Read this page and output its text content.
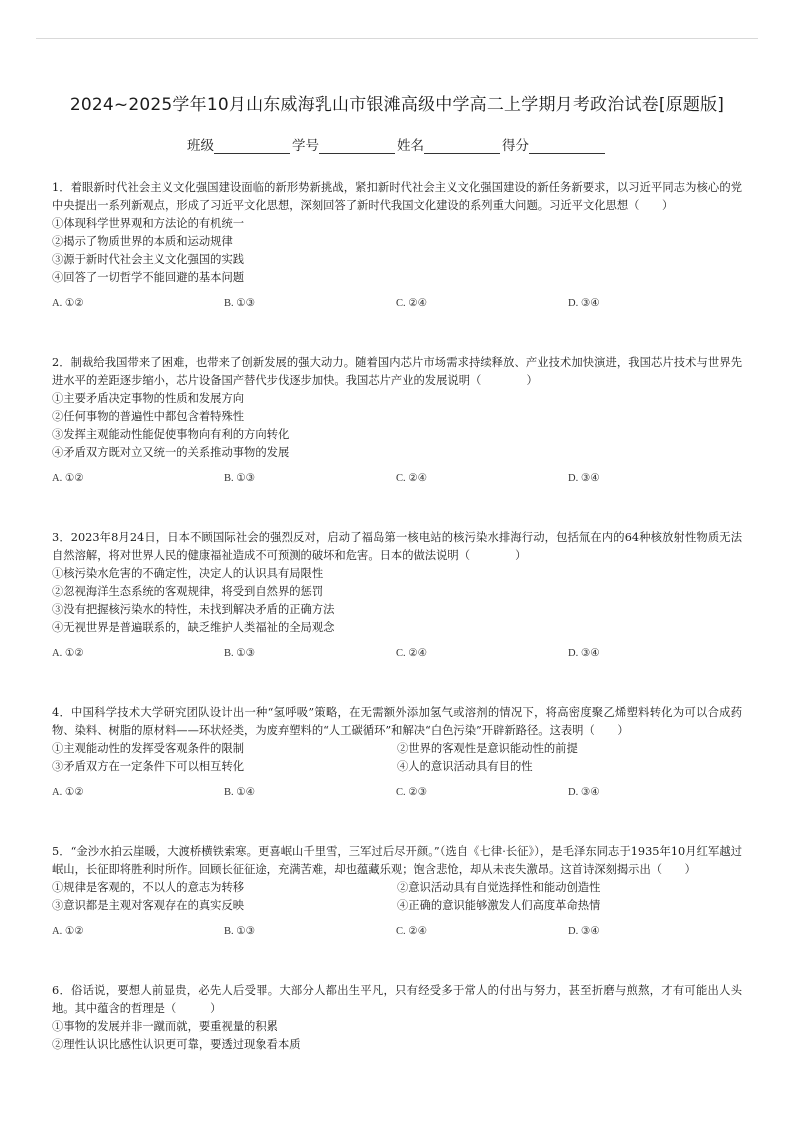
2024~2025学年10月山东威海乳山市银滩高级中学高二上学期月考政治试卷[原题版]
班级	学号	姓名	得分
1．着眼新时代社会主义文化强国建设面临的新形势新挑战，紧扣新时代社会主义文化强国建设的新任务新要求，以习近平同志为核心的党中央提出一系列新观点，形成了习近平文化思想，深刻回答了新时代我国文化建设的系列重大问题。习近平文化思想（　　）
①体现科学世界观和方法论的有机统一
②揭示了物质世界的本质和运动规律
③源于新时代社会主义文化强国的实践
④回答了一切哲学不能回避的基本问题
A. ①②	B. ①③	C. ②④	D. ③④
2．制裁给我国带来了困难，也带来了创新发展的强大动力。随着国内芯片市场需求持续释放、产业技术加快演进，我国芯片技术与世界先进水平的差距逐步缩小，芯片设备国产替代步伐逐步加快。我国芯片产业的发展说明（　　　　）
①主要矛盾决定事物的性质和发展方向
②任何事物的普遍性中都包含着特殊性
③发挥主观能动性能促使事物向有利的方向转化
④矛盾双方既对立又统一的关系推动事物的发展
A. ①②	B. ①③	C. ②④	D. ③④
3．2023年8月24日，日本不顾国际社会的强烈反对，启动了福岛第一核电站的核污染水排海行动，包括氚在内的64种核放射性物质无法自然溶解，将对世界人民的健康福祉造成不可预测的破坏和危害。日本的做法说明（　　　　）
①核污染水危害的不确定性，决定人的认识具有局限性
②忽视海洋生态系统的客观规律，将受到自然界的惩罚
③没有把握核污染水的特性，未找到解决矛盾的正确方法
④无视世界是普遍联系的，缺乏维护人类福祉的全局观念
A. ①②	B. ①③	C. ②④	D. ③④
4．中国科学技术大学研究团队设计出一种“氢呼吸”策略，在无需额外添加氢气或溶剂的情况下，将高密度聚乙烯塑料转化为可以合成药物、染料、树脂的原材料——环状烃类，为废弃塑料的“人工碳循环”和解决“白色污染”开辟新路径。这表明（　　）
①主观能动性的发挥受客观条件的限制	②世界的客观性是意识能动性的前提
③矛盾双方在一定条件下可以相互转化	④人的意识活动具有目的性
A. ①②	B. ①④	C. ②③	D. ③④
5．“金沙水拍云崖暖，大渡桥横铁索寒。更喜岷山千里雪，三军过后尽开颜。”（选自《七律·长征》），是毛泽东同志于1935年10月红军越过岷山，长征即将胜利时所作。回顾长征征途，充满苦难，却也蕴藏乐观；饱含悲怆，却从未丧失激昂。这首诗深刻揭示出（　　）
①规律是客观的，不以人的意志为转移	②意识活动具有自觉选择性和能动创造性
③意识都是主观对客观存在的真实反映	④正确的意识能够激发人们高度革命热情
A. ①②	B. ①③	C. ②④	D. ③④
6．俗话说，要想人前显贵，必先人后受罪。大部分人都出生平凡，只有经受多于常人的付出与努力，甚至折磨与煎熬，才有可能出人头地。其中蕴含的哲理是（　　　）
①事物的发展并非一蹴而就，要重视量的积累
②理性认识比感性认识更可靠，要透过现象看本质
